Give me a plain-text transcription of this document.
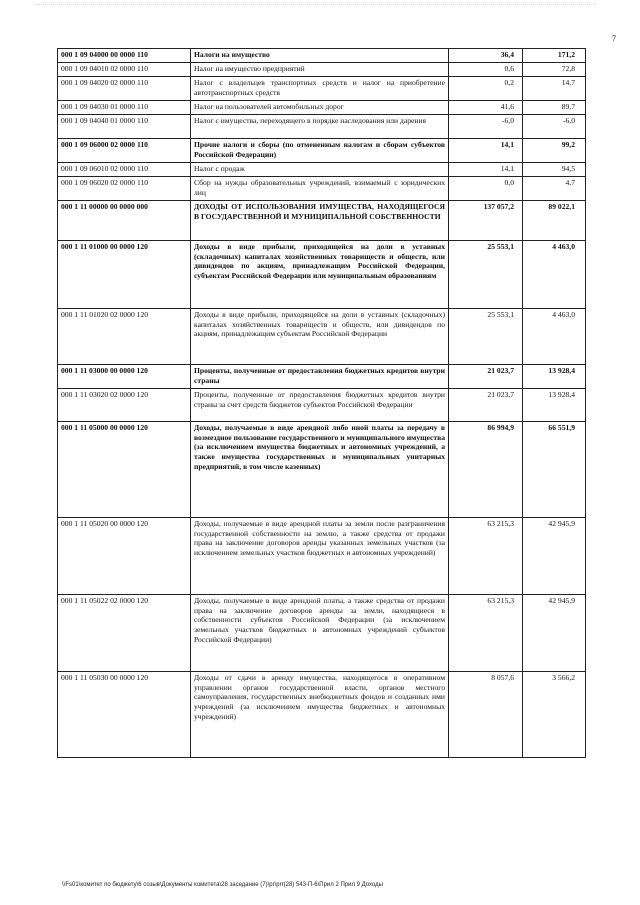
7
000 1 09 04000 00 0000 110	Налоги на имущество	36,4	171,2
000 1 09 04010 02 0000 110	Налог на имущество предприятий	0,6	72,8
000 1 09 04020 02 0000 110	Налог с владельцев транспортных средств и налог на приобретение автотранспортных средств	0,2	14,7
000 1 09 04030 01 0000 110	Налог на пользователей автомобильных дорог	41,6	89,7
000 1 09 04040 01 0000 110	Налог с имущества, переходящего в порядке наследования или дарения	-6,0	-6,0
000 1 09 06000 02 0000 110	Прочие налоги и сборы (по отмененным налогам и сборам субъектов Российской Федерации)	14,1	99,2
000 1 09 06010 02 0000 110	Налог с продаж	14,1	94,5
000 1 09 06020 02 0000 110	Сбор на нужды образовательных учреждений, взимаемый с юридических лиц	0,0	4,7
000 1 11 00000 00 0000 000	ДОХОДЫ ОТ ИСПОЛЬЗОВАНИЯ ИМУЩЕСТВА, НАХОДЯЩЕГОСЯ В ГОСУДАРСТВЕННОЙ И МУНИЦИПАЛЬНОЙ СОБСТВЕННОСТИ	137 057,2	89 022,1
000 1 11 01000 00 0000 120	Доходы в виде прибыли, приходящейся на доли в уставных (складочных) капиталах хозяйственных товариществ и обществ, или дивидендов по акциям, принадлежащим Российской Федерации, субъектам Российской Федерации или муниципальным образованиям	25 553,1	4 463,0
000 1 11 01020 02 0000 120	Доходы в виде прибыли, приходящейся на доли в уставных (складочных) капиталах хозяйственных товариществ и обществ, или дивидендов по акциям, принадлежащим субъектам Российской Федерации	25 553,1	4 463,0
000 1 11 03000 00 0000 120	Проценты, полученные от предоставления бюджетных кредитов внутри страны	21 023,7	13 928,4
000 1 11 03020 02 0000 120	Проценты, полученные от предоставления бюджетных кредитов внутри страны за счет средств бюджетов субъектов Российской Федерации	21 023,7	13 928,4
000 1 11 05000 00 0000 120	Доходы, получаемые в виде арендной либо иной платы за передачу в возмездное пользование государственного и муниципального имущества (за исключением имущества бюджетных и автономных учреждений, а также имущества государственных и муниципальных унитарных предприятий, в том числе казенных)	86 994,9	66 551,9
000 1 11 05020 00 0000 120	Доходы, получаемые в виде арендной платы за земли после разграничения государственной собственности на землю, а также средства от продажи права на заключение договоров аренды указанных земельных участков (за исключением земельных участков бюджетных и автономных учреждений)	63 215,3	42 945,9
000 1 11 05022 02 0000 120	Доходы, получаемые в виде арендной платы, а также средства от продажи права на заключение договоров аренды за земли, находящиеся в собственности субъектов Российской Федерации (за исключением земельных участков бюджетных и автономных учреждений субъектов Российской Федерации)	63 215,3	42 945,9
000 1 11 05030 00 0000 120	Доходы от сдачи в аренду имущества, находящегося в оперативном управлении органов государственной власти, органов местного самоуправления, государственных внебюджетных фондов и созданных ими учреждений (за исключением имущества бюджетных и автономных учреждений)	8 057,6	3 566,2
\\Fs01\комитет по бюджету\6 созыв\Документы комитета\28 заседание (7)\pr\prr(28) 543-П-6\Прил 2 Прил 9 Доходы
